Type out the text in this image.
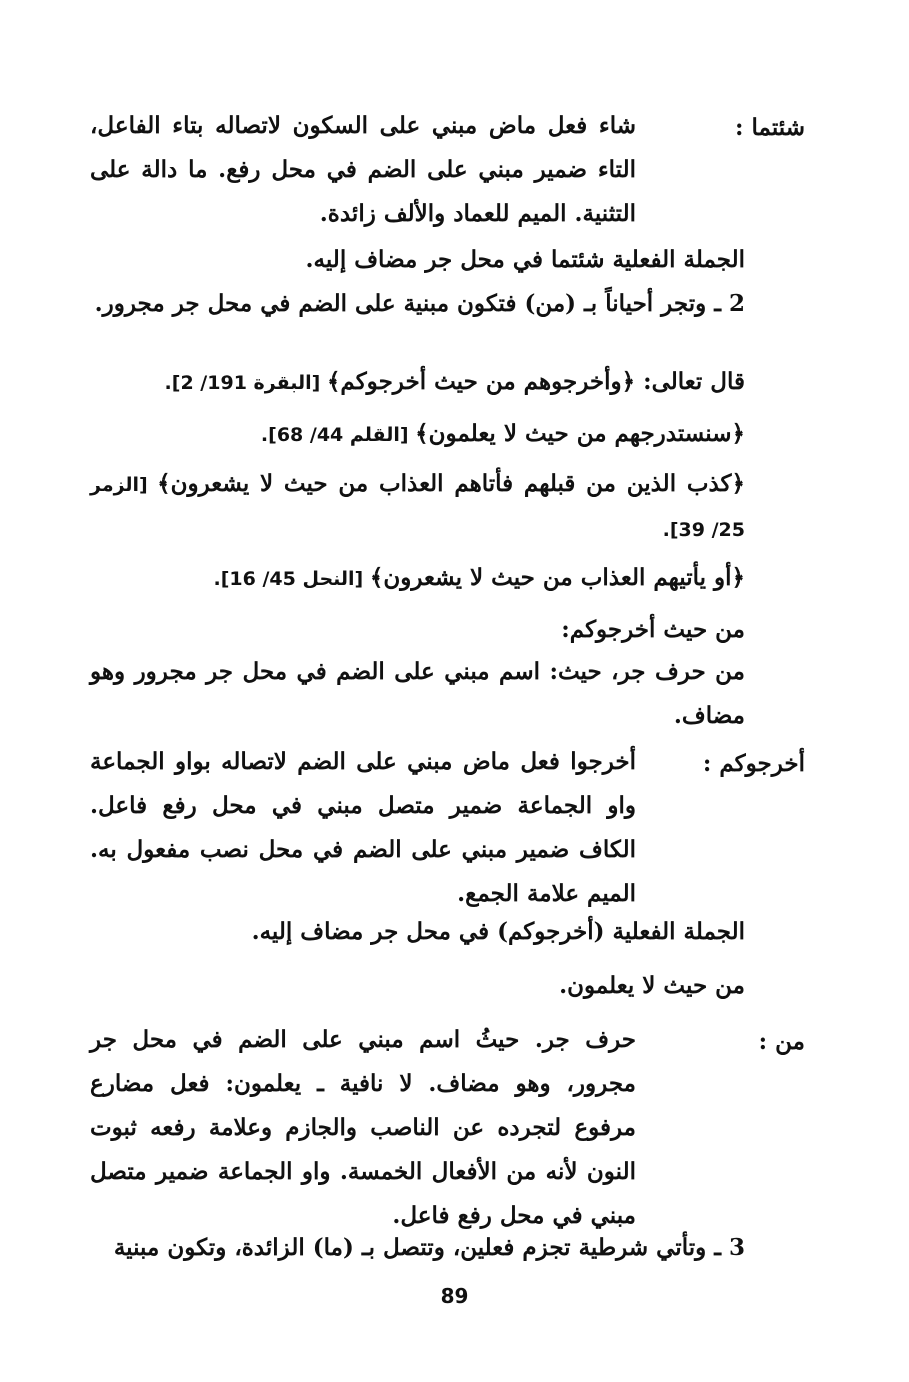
شئتما :
شاء فعل ماض مبني على السكون لاتصاله بتاء الفاعل، التاء ضمير مبني على الضم في محل رفع. ما دالة على التثنية. الميم للعماد والألف زائدة.
الجملة الفعلية شئتما في محل جر مضاف إليه.
2 ـ وتجر أحياناً بـ (من) فتكون مبنية على الضم في محل جر مجرور.
قال تعالى: ﴿وأخرجوهم من حيث أخرجوكم﴾ [البقرة 191/ 2].
﴿سنستدرجهم من حيث لا يعلمون﴾ [القلم 44/ 68].
﴿كذب الذين من قبلهم فأتاهم العذاب من حيث لا يشعرون﴾ [الزمر 25/ 39].
﴿أو يأتيهم العذاب من حيث لا يشعرون﴾ [النحل 45/ 16].
من حيث أخرجوكم:
من حرف جر، حيث: اسم مبني على الضم في محل جر مجرور وهو مضاف.
أخرجوكم :
أخرجوا فعل ماض مبني على الضم لاتصاله بواو الجماعة واو الجماعة ضمير متصل مبني في محل رفع فاعل. الكاف ضمير مبني على الضم في محل نصب مفعول به. الميم علامة الجمع.
الجملة الفعلية (أخرجوكم) في محل جر مضاف إليه.
من حيث لا يعلمون.
من :
حرف جر. حيثُ اسم مبني على الضم في محل جر مجرور، وهو مضاف. لا نافية ـ يعلمون: فعل مضارع مرفوع لتجرده عن الناصب والجازم وعلامة رفعه ثبوت النون لأنه من الأفعال الخمسة. واو الجماعة ضمير متصل مبني في محل رفع فاعل.
3 ـ وتأتي شرطية تجزم فعلين، وتتصل بـ (ما) الزائدة، وتكون مبنية
89
